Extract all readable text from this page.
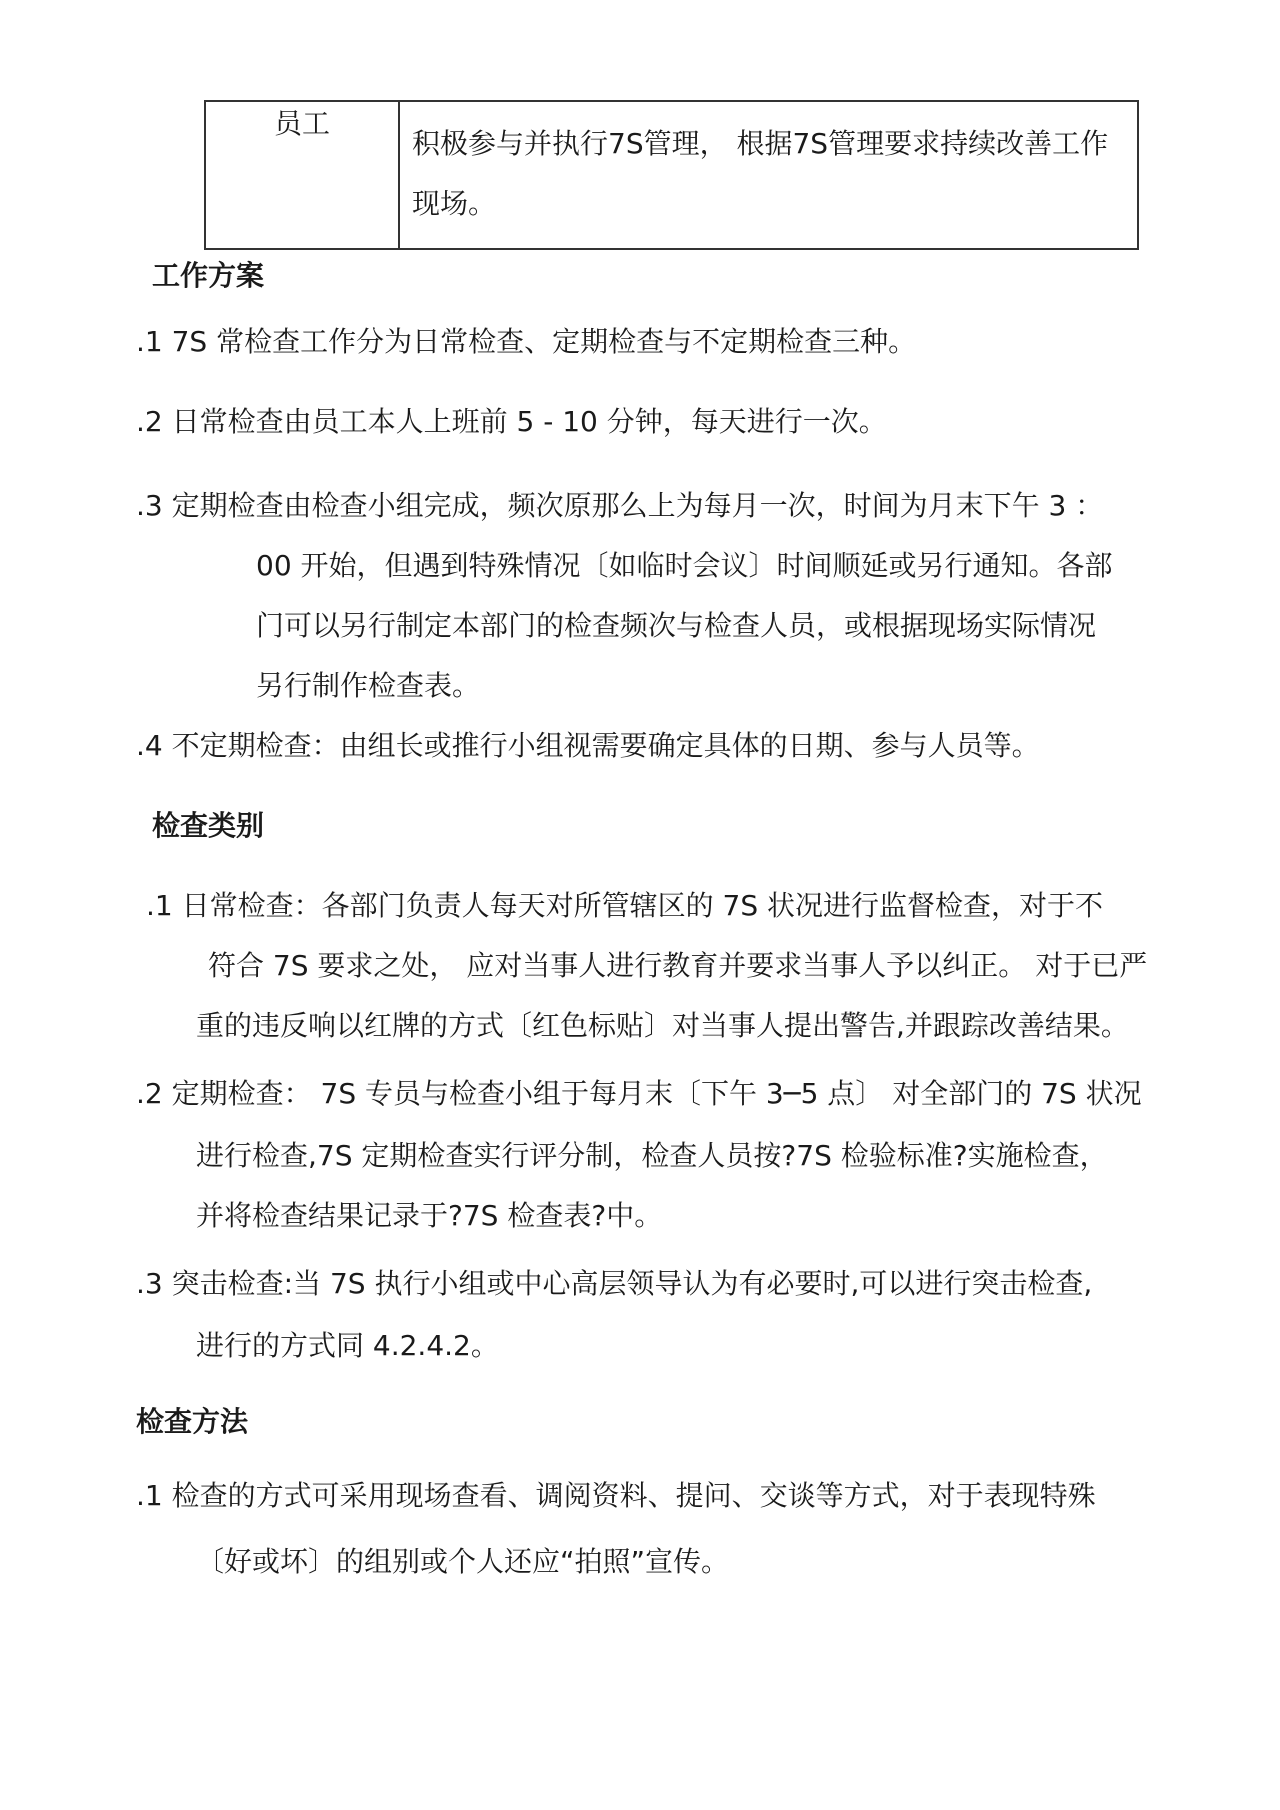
员工	积极参与并执行7S管理， 根据7S管理要求持续改善工作现场。
工作方案
.1 7S 常检查工作分为日常检查、定期检查与不定期检查三种。
.2 日常检查由员工本人上班前 5 - 10 分钟，每天进行一次。
.3 定期检查由检查小组完成，频次原那么上为每月一次，时间为月末下午 3 ：
00 开始，但遇到特殊情况〔如临时会议〕时间顺延或另行通知。各部
门可以另行制定本部门的检查频次与检查人员，或根据现场实际情况
另行制作检查表。
.4 不定期检查：由组长或推行小组视需要确定具体的日期、参与人员等。
检查类别
.1 日常检查：各部门负责人每天对所管辖区的 7S 状况进行监督检查，对于不
符合 7S 要求之处， 应对当事人进行教育并要求当事人予以纠正。 对于已严
重的违反响以红牌的方式〔红色标贴〕对当事人提出警告,并跟踪改善结果。
.2 定期检查： 7S 专员与检查小组于每月末〔下午 3─5 点〕 对全部门的 7S 状况
进行检查,7S 定期检查实行评分制，检查人员按?7S 检验标准?实施检查，
并将检查结果记录于?7S 检查表?中。
.3 突击检查:当 7S 执行小组或中心高层领导认为有必要时,可以进行突击检查,
进行的方式同 4.2.4.2。
检查方法
.1 检查的方式可采用现场查看、调阅资料、提问、交谈等方式，对于表现特殊
〔好或坏〕的组别或个人还应“拍照”宣传。
